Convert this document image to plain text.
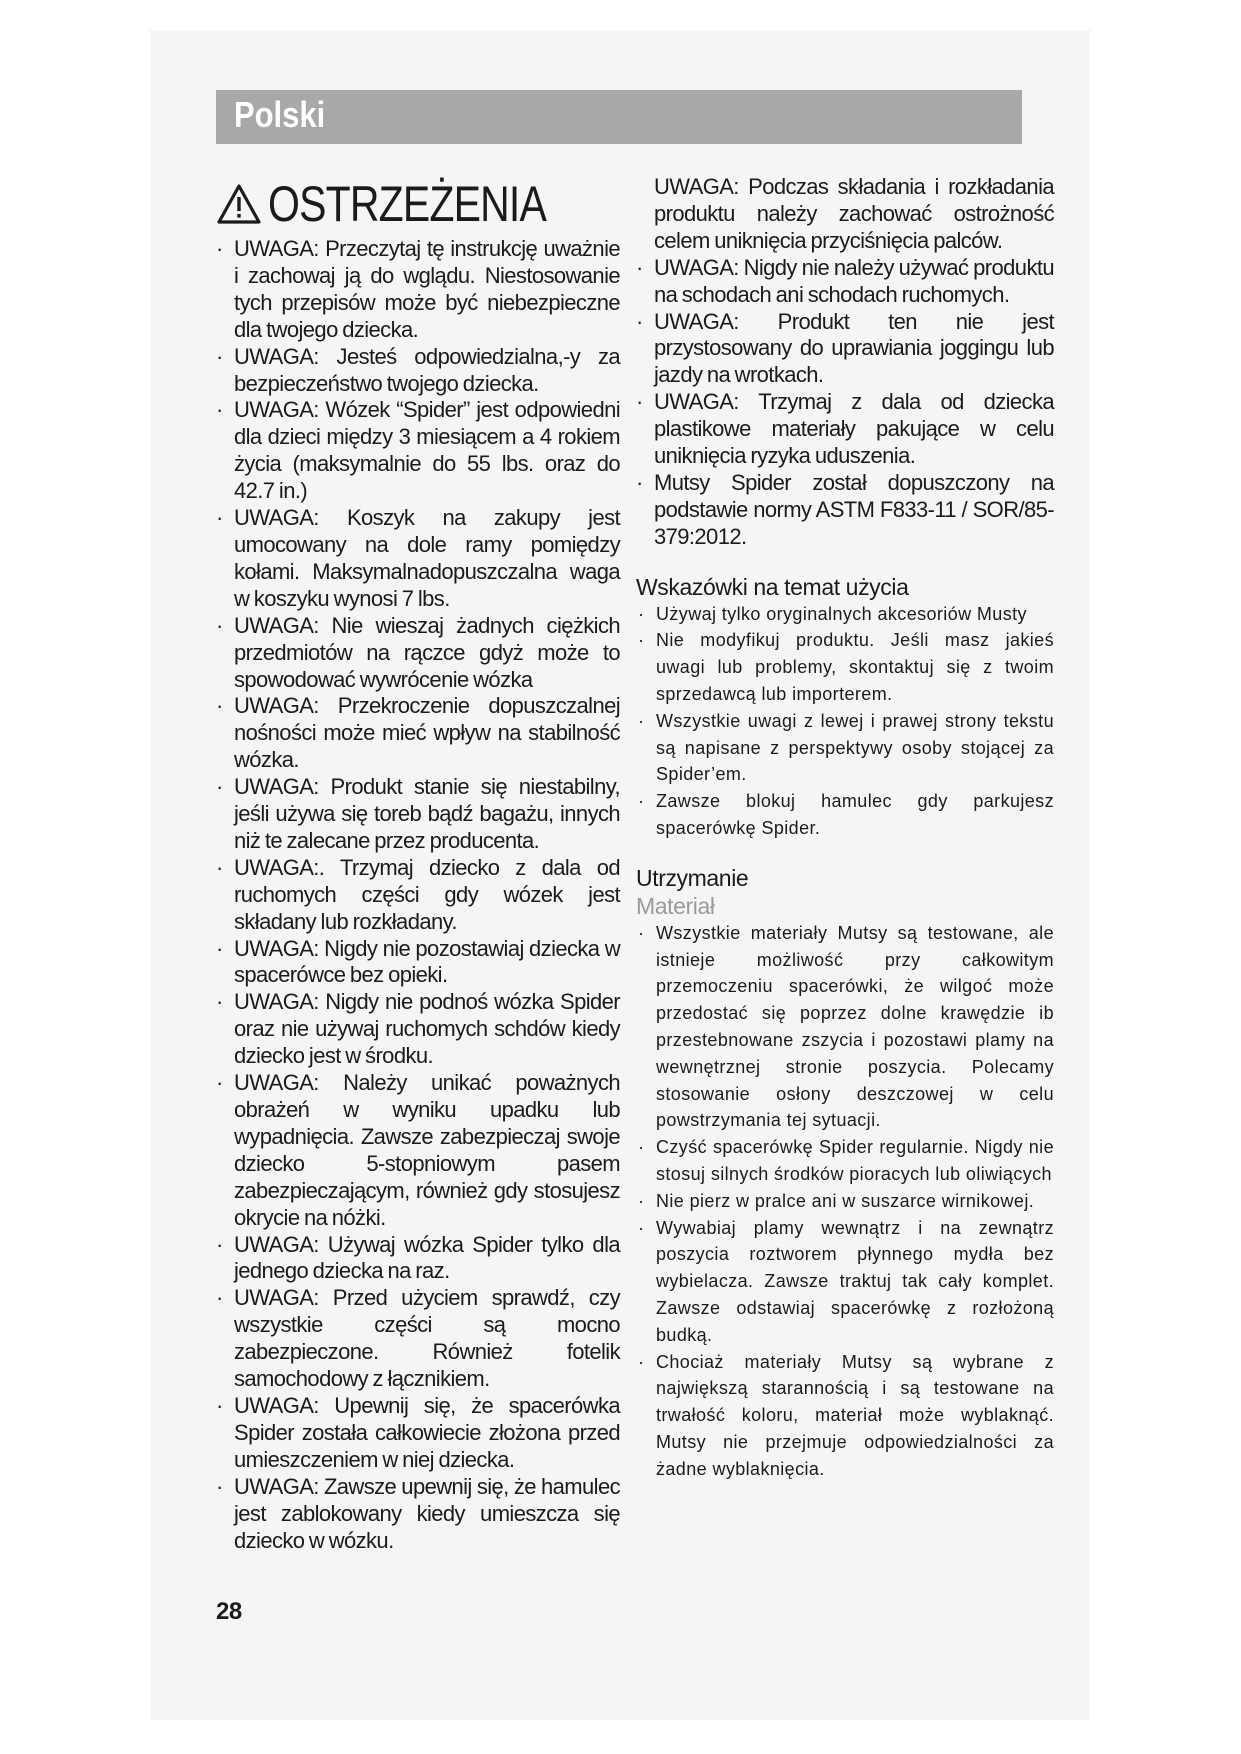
Polski
OSTRZEŻENIA
· UWAGA: Przeczytaj tę instrukcję uważnie i zachowaj ją do wglądu. Niestosowanie tych przepisów może być niebezpieczne dla twojego dziecka.
· UWAGA: Jesteś odpowiedzialna,-y za bezpieczeństwo twojego dziecka.
· UWAGA: Wózek “Spider” jest odpowiedni dla dzieci między 3 miesiącem a 4 rokiem życia (maksymalnie do 55 lbs. oraz do 42.7 in.)
· UWAGA: Koszyk na zakupy jest umocowany na dole ramy pomiędzy kołami. Maksymalnadopuszczalna waga w koszyku wynosi 7 lbs.
· UWAGA: Nie wieszaj żadnych ciężkich przedmiotów na rączce gdyż może to spowodować wywrócenie wózka
· UWAGA: Przekroczenie dopuszczalnej nośności może mieć wpływ na stabilność wózka.
· UWAGA: Produkt stanie się niestabilny, jeśli używa się toreb bądź bagażu, innych niż te zalecane przez producenta.
· UWAGA:. Trzymaj dziecko z dala od ruchomych części gdy wózek jest składany lub rozkładany.
· UWAGA: Nigdy nie pozostawiaj dziecka w spacerówce bez opieki.
· UWAGA: Nigdy nie podnoś wózka Spider oraz nie używaj ruchomych schdów kiedy dziecko jest w środku.
· UWAGA: Należy unikać poważnych obrażeń w wyniku upadku lub wypadnięcia. Zawsze zabezpieczaj swoje dziecko 5-stopniowym pasem zabezpieczającym, również gdy stosujesz okrycie na nóżki.
· UWAGA: Używaj wózka Spider tylko dla jednego dziecka na raz.
· UWAGA: Przed użyciem sprawdź, czy wszystkie części są mocno zabezpieczone. Również fotelik samochodowy z łącznikiem.
· UWAGA: Upewnij się, że spacerówka Spider została całkowiecie złożona przed umieszczeniem w niej dziecka.
· UWAGA: Zawsze upewnij się, że hamulec jest zablokowany kiedy umieszcza się dziecko w wózku.
UWAGA: Podczas składania i rozkładania produktu należy zachować ostrożność celem uniknięcia przyciśnięcia palców.
· UWAGA: Nigdy nie należy używać produktu na schodach ani schodach ruchomych.
· UWAGA: Produkt ten nie jest przystosowany do uprawiania joggingu lub jazdy na wrotkach.
· UWAGA: Trzymaj z dala od dziecka plastikowe materiały pakujące w celu uniknięcia ryzyka uduszenia.
· Mutsy Spider został dopuszczony na podstawie normy ASTM F833-11 / SOR/85-379:2012.
Wskazówki na temat użycia
· Używaj tylko oryginalnych akcesoriów Musty
· Nie modyfikuj produktu. Jeśli masz jakieś uwagi lub problemy, skontaktuj się z twoim sprzedawcą lub importerem.
· Wszystkie uwagi z lewej i prawej strony tekstu są napisane z perspektywy osoby stojącej za Spider’em.
· Zawsze blokuj hamulec gdy parkujesz spacerówkę Spider.
Utrzymanie
Materiał
· Wszystkie materiały Mutsy są testowane, ale istnieje możliwość przy całkowitym przemoczeniu spacerówki, że wilgoć może przedostać się poprzez dolne krawędzie ib przestebnowane zszycia i pozostawi plamy na wewnętrznej stronie poszycia. Polecamy stosowanie osłony deszczowej w celu powstrzymania tej sytuacji.
· Czyść spacerówkę Spider regularnie. Nigdy nie stosuj silnych środków pioracych lub oliwiących
· Nie pierz w pralce ani w suszarce wirnikowej.
· Wywabiaj plamy wewnątrz i na zewnątrz poszycia roztworem płynnego mydła bez wybielacza. Zawsze traktuj tak cały komplet. Zawsze odstawiaj spacerówkę z rozłożoną budką.
· Chociaż materiały Mutsy są wybrane z największą starannością i są testowane na trwałość koloru, materiał może wyblaknąć. Mutsy nie przejmuje odpowiedzialności za żadne wyblaknięcia.
28
